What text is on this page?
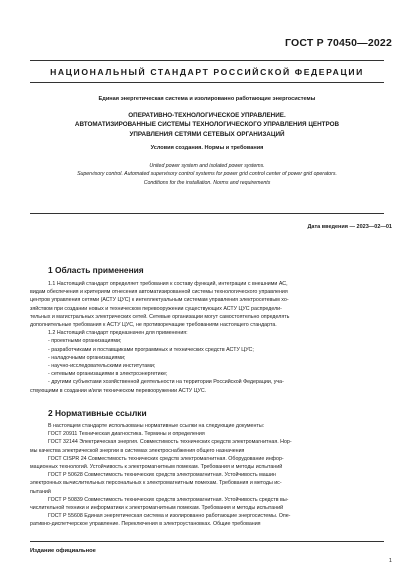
ГОСТ Р 70450—2022
НАЦИОНАЛЬНЫЙ СТАНДАРТ РОССИЙСКОЙ ФЕДЕРАЦИИ
Единая энергетическая система и изолированно работающие энергосистемы
ОПЕРАТИВНО-ТЕХНОЛОГИЧЕСКОЕ УПРАВЛЕНИЕ.
АВТОМАТИЗИРОВАННЫЕ СИСТЕМЫ ТЕХНОЛОГИЧЕСКОГО УПРАВЛЕНИЯ ЦЕНТРОВ
УПРАВЛЕНИЯ СЕТЯМИ СЕТЕВЫХ ОРГАНИЗАЦИЙ
Условия создания. Нормы и требования
United power system and isolated power systems.
Supervisory control. Automated supervisory control systems for power grid control center of power grid operators.
Conditions for the installation. Norms and requirements
Дата введения — 2023—02—01
1 Область применения
1.1 Настоящий стандарт определяет требования к составу функций, интеграции с внешними АС,
видам обеспечения и критериям отнесения автоматизированной системы технологического управления
центров управления сетями (АСТУ ЦУС) к интеллектуальным системам управления электросетевым хо-
зяйством при создании новых и техническом перевооружении существующих АСТУ ЦУС распредели-
тельных и магистральных электрических сетей. Сетевые организации могут самостоятельно определять
дополнительные требования к АСТУ ЦУС, не противоречащие требованиям настоящего стандарта.
1.2 Настоящий стандарт предназначен для применения:
- проектными организациями;
- разработчиками и поставщиками программных и технических средств АСТУ ЦУС;
- наладочными организациями;
- научно-исследовательскими институтами;
- сетевыми организациями в электроэнергетике;
- другими субъектами хозяйственной деятельности на территории Российской Федерации, уча-
ствующими в создании и/или техническом перевооружении АСТУ ЦУС.
2 Нормативные ссылки
В настоящем стандарте использованы нормативные ссылки на следующие документы:
ГОСТ 20911 Техническая диагностика. Термины и определения
ГОСТ 32144 Электрическая энергия. Совместимость технических средств электромагнитная. Нор-
мы качества электрической энергии в системах электроснабжения общего назначения
ГОСТ CISPR 24 Совместимость технических средств электромагнитная. Оборудование инфор-
мационных технологий. Устойчивость к электромагнитным помехам. Требования и методы испытаний
ГОСТ Р 50628 Совместимость технических средств электромагнитная. Устойчивость машин
электронных вычислительных персональных к электромагнитным помехам. Требования и методы ис-
пытаний
ГОСТ Р 50839 Совместимость технических средств электромагнитная. Устойчивость средств вы-
числительной техники и информатики к электромагнитным помехам. Требования и методы испытаний
ГОСТ Р 55608 Единая энергетическая система и изолированно работающие энергосистемы. Опе-
ративно-диспетчерское управление. Переключения в электроустановках. Общие требования
Издание официальное
1
